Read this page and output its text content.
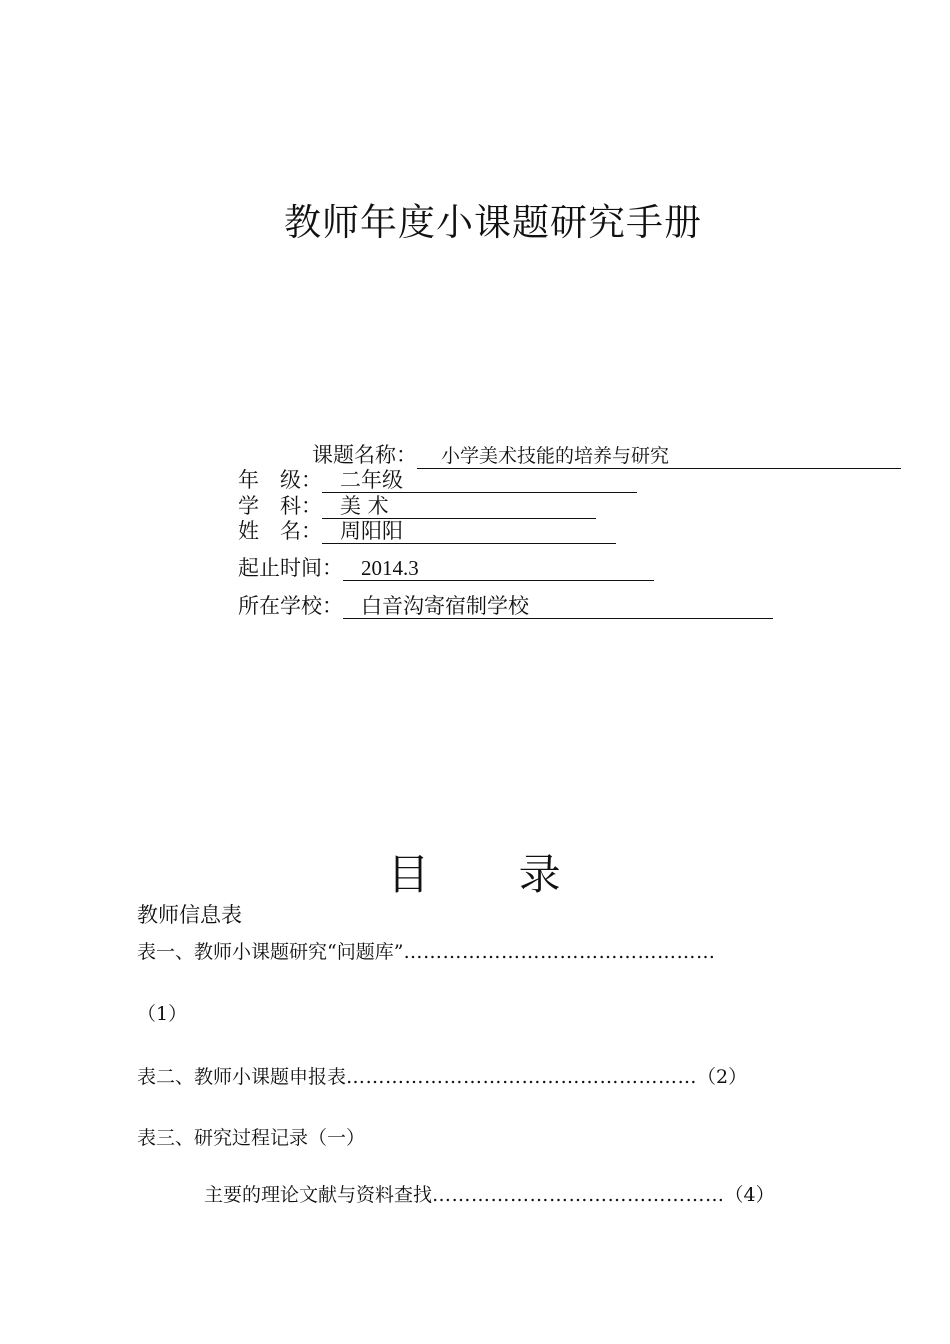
教师年度小课题研究手册
课题名称： 小学美术技能的培养与研究
年　级： 二年级
学　科： 美 术
姓　名： 周阳阳
起止时间： 2014.3
所在学校： 白音沟寄宿制学校
目 录
教师信息表
表一、教师小课题研究“问题库”…………………………………………
（1）
表二、教师小课题申报表………………………………………………（2）
表三、研究过程记录（一）
主要的理论文献与资料查找………………………………………（4）
